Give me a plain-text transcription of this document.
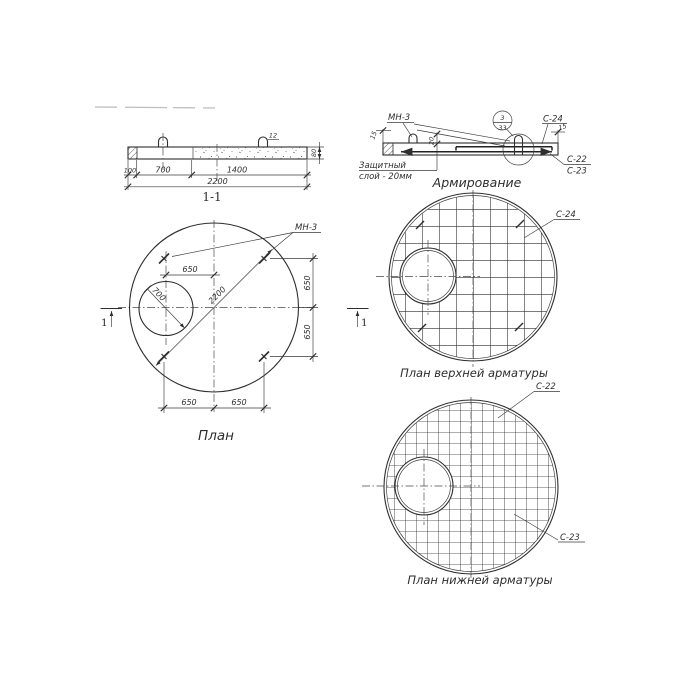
12
100 700	1400
2200
80
1-1
15
МН-3
20
3
33	15
С-24
С-22
С-23
Защитный
слой - 20мм Армирование
2200
700
МН-3
650
650
650
650	650
1	1
План
С-24
План верхней арматуры
С-22
С-23
План нижней арматуры
